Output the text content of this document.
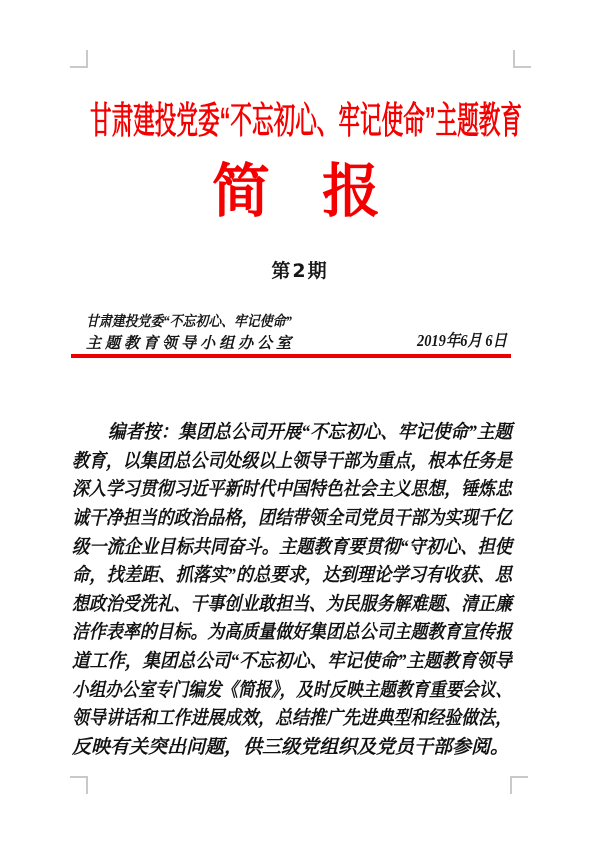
甘肃建投党委“不忘初心、牢记使命”主题教育
简 报
第2期
甘肃建投党委“不忘初心、牢记使命”
主题教育领导小组办公室	2019年6月 6日
编者按：集团总公司开展“不忘初心、牢记使命”主题
教育，以集团总公司处级以上领导干部为重点，根本任务是
深入学习贯彻习近平新时代中国特色社会主义思想，锤炼忠
诚干净担当的政治品格，团结带领全司党员干部为实现千亿
级一流企业目标共同奋斗。主题教育要贯彻“守初心、担使
命，找差距、抓落实”的总要求，达到理论学习有收获、思
想政治受洗礼、干事创业敢担当、为民服务解难题、清正廉
洁作表率的目标。为高质量做好集团总公司主题教育宣传报
道工作，集团总公司“不忘初心、牢记使命”主题教育领导
小组办公室专门编发《简报》，及时反映主题教育重要会议、
领导讲话和工作进展成效，总结推广先进典型和经验做法，
反映有关突出问题，供三级党组织及党员干部参阅。
